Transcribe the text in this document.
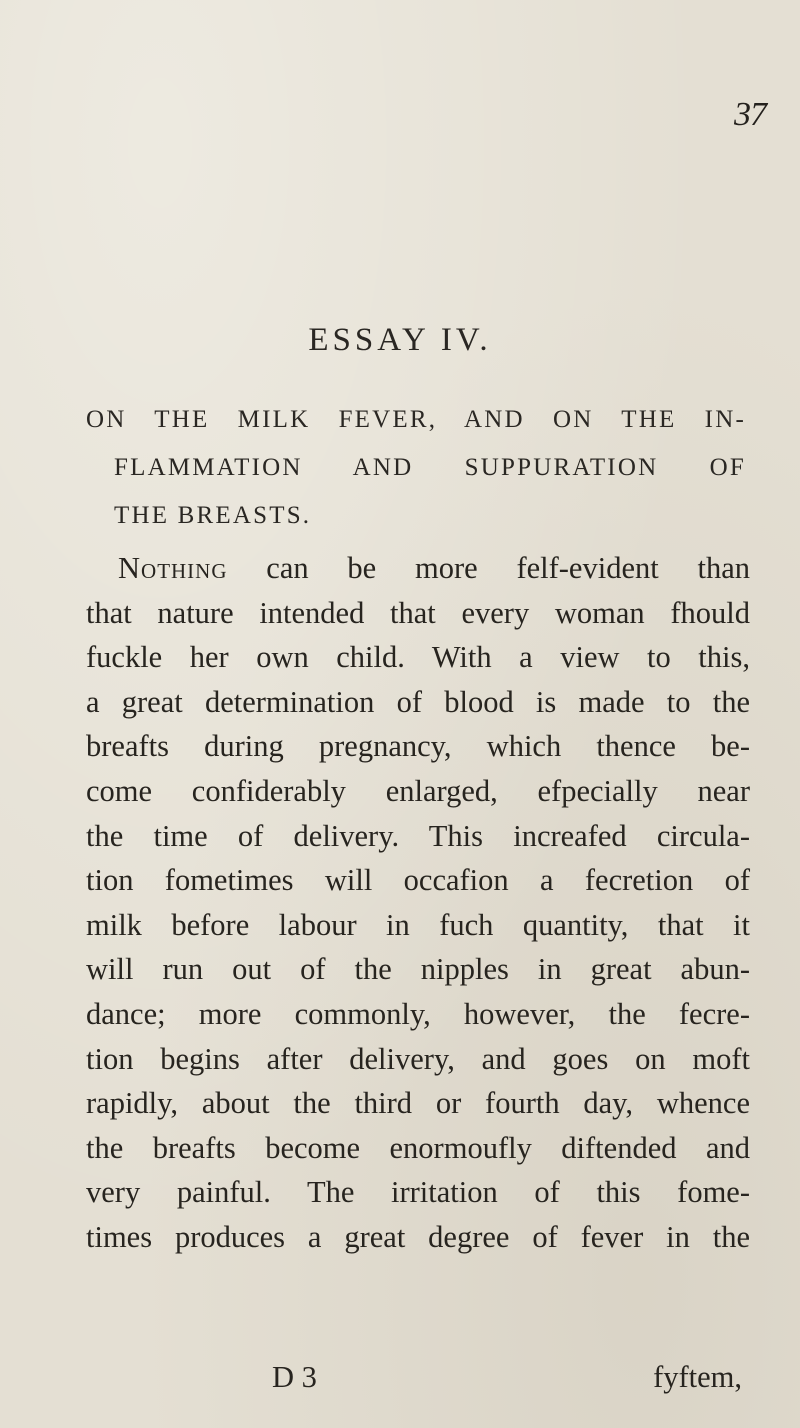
37
ESSAY IV.
ON THE MILK FEVER, AND ON THE IN-
FLAMMATION AND SUPPURATION OF
THE BREASTS.
Nothing can be more felf-evident than
that nature intended that every woman fhould
fuckle her own child. With a view to this,
a great determination of blood is made to the
breafts during pregnancy, which thence be-
come confiderably enlarged, efpecially near
the time of delivery. This increafed circula-
tion fometimes will occafion a fecretion of
milk before labour in fuch quantity, that it
will run out of the nipples in great abun-
dance; more commonly, however, the fecre-
tion begins after delivery, and goes on moft
rapidly, about the third or fourth day, whence
the breafts become enormoufly diftended and
very painful. The irritation of this fome-
times produces a great degree of fever in the
D 3	fyftem,
